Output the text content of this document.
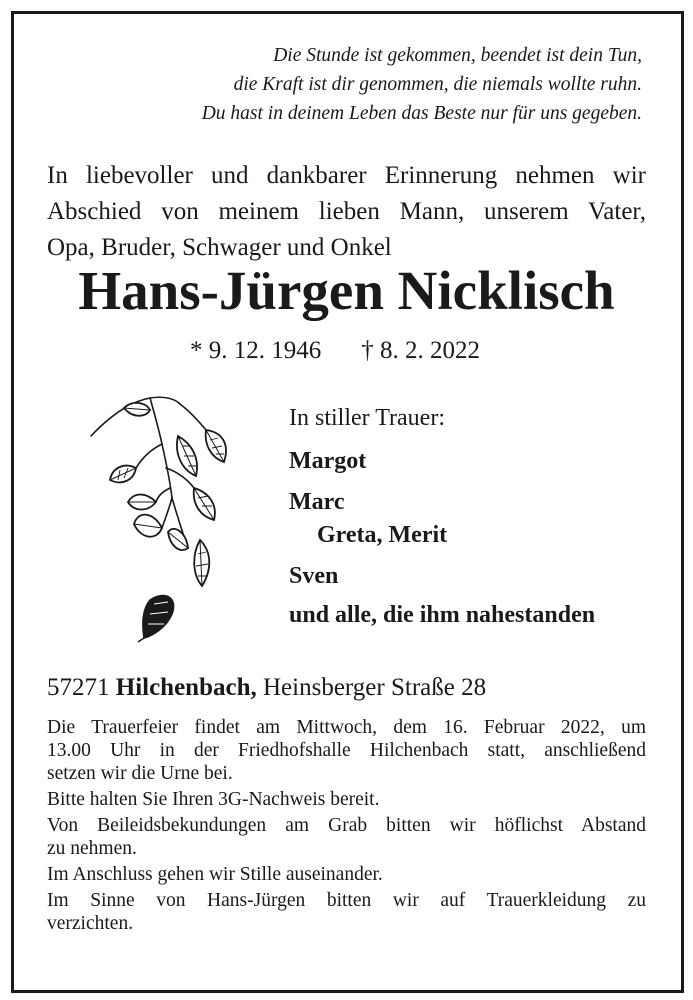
Die Stunde ist gekommen, beendet ist dein Tun,
die Kraft ist dir genommen, die niemals wollte ruhn.
Du hast in deinem Leben das Beste nur für uns gegeben.
In liebevoller und dankbarer Erinnerung nehmen wir
Abschied von meinem lieben Mann, unserem Vater,
Opa, Bruder, Schwager und Onkel
Hans-Jürgen Nicklisch
* 9. 12. 1946 † 8. 2. 2022
In stiller Trauer:
Margot
Marc
Greta, Merit
Sven
und alle, die ihm nahestanden
57271 Hilchenbach, Heinsberger Straße 28

Die Trauerfeier findet am Mittwoch, dem 16. Februar 2022, um
13.00 Uhr in der Friedhofshalle Hilchenbach statt, anschließend
setzen wir die Urne bei.

Bitte halten Sie Ihren 3G-Nachweis bereit.

Von Beileidsbekundungen am Grab bitten wir höflichst Abstand
zu nehmen.

Im Anschluss gehen wir Stille auseinander.

Im Sinne von Hans-Jürgen bitten wir auf Trauerkleidung zu
verzichten.
